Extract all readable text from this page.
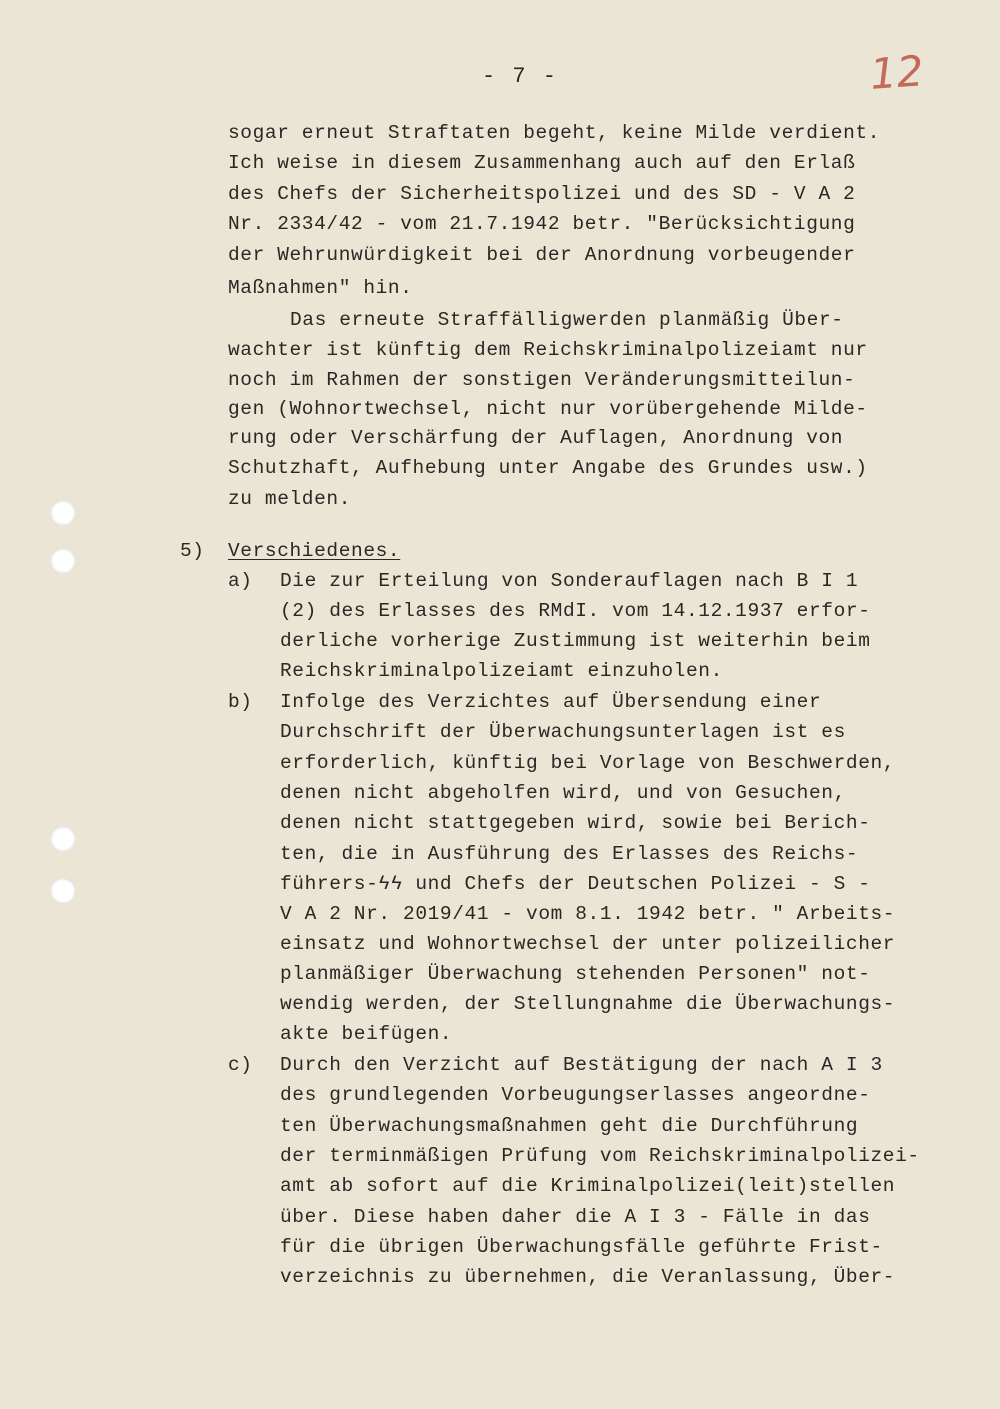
- 7 -	12
sogar erneut Straftaten begeht, keine Milde verdient.
Ich weise in diesem Zusammenhang auch auf den Erlaß
des Chefs der Sicherheitspolizei und des SD - V A 2
Nr. 2334/42 - vom 21.7.1942 betr. "Berücksichtigung
der Wehrunwürdigkeit bei der Anordnung vorbeugender
Maßnahmen" hin.
Das erneute Straffälligwerden planmäßig Über-
wachter ist künftig dem Reichskriminalpolizeiamt nur
noch im Rahmen der sonstigen Veränderungsmitteilun-
gen (Wohnortwechsel, nicht nur vorübergehende Milde-
rung oder Verschärfung der Auflagen, Anordnung von
Schutzhaft, Aufhebung unter Angabe des Grundes usw.)
zu melden.
5) Verschiedenes.
a) Die zur Erteilung von Sonderauflagen nach B I 1
(2) des Erlasses des RMdI. vom 14.12.1937 erfor-
derliche vorherige Zustimmung ist weiterhin beim
Reichskriminalpolizeiamt einzuholen.
b) Infolge des Verzichtes auf Übersendung einer
Durchschrift der Überwachungsunterlagen ist es
erforderlich, künftig bei Vorlage von Beschwerden,
denen nicht abgeholfen wird, und von Gesuchen,
denen nicht stattgegeben wird, sowie bei Berich-
ten, die in Ausführung des Erlasses des Reichs-
führers-ϟϟ und Chefs der Deutschen Polizei - S -
V A 2 Nr. 2019/41 - vom 8.1. 1942 betr. " Arbeits-
einsatz und Wohnortwechsel der unter polizeilicher
planmäßiger Überwachung stehenden Personen" not-
wendig werden, der Stellungnahme die Überwachungs-
akte beifügen.
c) Durch den Verzicht auf Bestätigung der nach A I 3
des grundlegenden Vorbeugungserlasses angeordne-
ten Überwachungsmaßnahmen geht die Durchführung
der terminmäßigen Prüfung vom Reichskriminalpolizei-
amt ab sofort auf die Kriminalpolizei(leit)stellen
über. Diese haben daher die A I 3 - Fälle in das
für die übrigen Überwachungsfälle geführte Frist-
verzeichnis zu übernehmen, die Veranlassung, Über-
